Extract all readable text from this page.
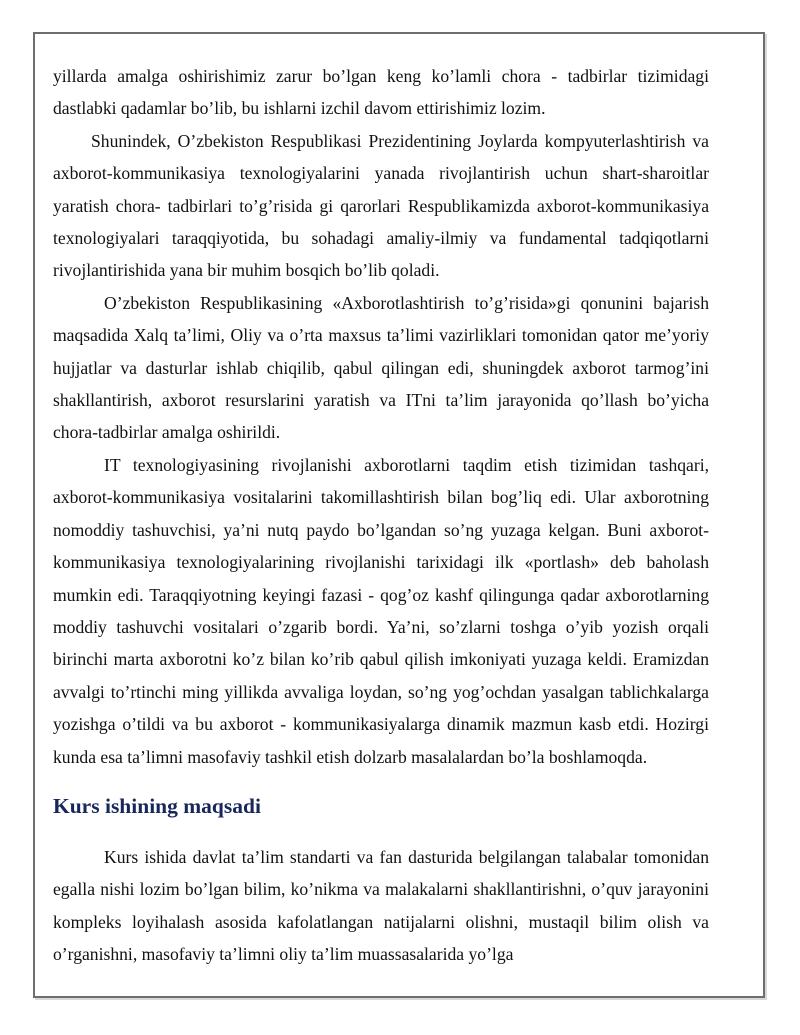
yillarda amalga oshirishimiz zarur bo’lgan keng ko’lamli chora - tadbirlar tizimidagi dastlabki qadamlar bo’lib, bu ishlarni izchil davom ettirishimiz lozim.

Shunindek, O’zbekiston Respublikasi Prezidentining Joylarda kompyuterlashtirish va axborot-kommunikasiya texnologiyalarini yanada rivojlantirish uchun shart-sharoitlar yaratish chora- tadbirlari to’g’risida gi qarorlari Respublikamizda axborot-kommunikasiya texnologiyalari taraqqiyotida, bu sohadagi amaliy-ilmiy va fundamental tadqiqotlarni rivojlantirishida yana bir muhim bosqich bo’lib qoladi.

O’zbekiston Respublikasining «Axborotlashtirish to’g’risida»gi qonunini bajarish maqsadida Xalq ta’limi, Oliy va o’rta maxsus ta’limi vazirliklari tomonidan qator me’yoriy hujjatlar va dasturlar ishlab chiqilib, qabul qilingan edi, shuningdek axborot tarmog’ini shakllantirish, axborot resurslarini yaratish va ITni ta’lim jarayonida qo’llash bo’yicha chora-tadbirlar amalga oshirildi.

IT texnologiyasining rivojlanishi axborotlarni taqdim etish tizimidan tashqari, axborot-kommunikasiya vositalarini takomillashtirish bilan bog’liq edi. Ular axborotning nomoddiy tashuvchisi, ya’ni nutq paydo bo’lgandan so’ng yuzaga kelgan. Buni axborot-kommunikasiya texnologiyalarining rivojlanishi tarixidagi ilk «portlash» deb baholash mumkin edi. Taraqqiyotning keyingi fazasi - qog’oz kashf qilingunga qadar axborotlarning moddiy tashuvchi vositalari o’zgarib bordi. Ya’ni, so’zlarni toshga o’yib yozish orqali birinchi marta axborotni ko’z bilan ko’rib qabul qilish imkoniyati yuzaga keldi. Eramizdan avvalgi to’rtinchi ming yillikda avvaliga loydan, so’ng yog’ochdan yasalgan tablichkalarga yozishga o’tildi va bu axborot - kommunikasiyalarga dinamik mazmun kasb etdi. Hozirgi kunda esa ta’limni masofaviy tashkil etish dolzarb masalalardan bo’la boshlamoqda.

Kurs ishining maqsadi

Kurs ishida davlat ta’lim standarti va fan dasturida belgilangan talabalar tomonidan egalla nishi lozim bo’lgan bilim, ko’nikma va malakalarni shakllantirishni, o’quv jarayonini kompleks loyihalash asosida kafolatlangan natijalarni olishni, mustaqil bilim olish va o’rganishni, masofaviy ta’limni oliy ta’lim muassasalarida yo’lga
